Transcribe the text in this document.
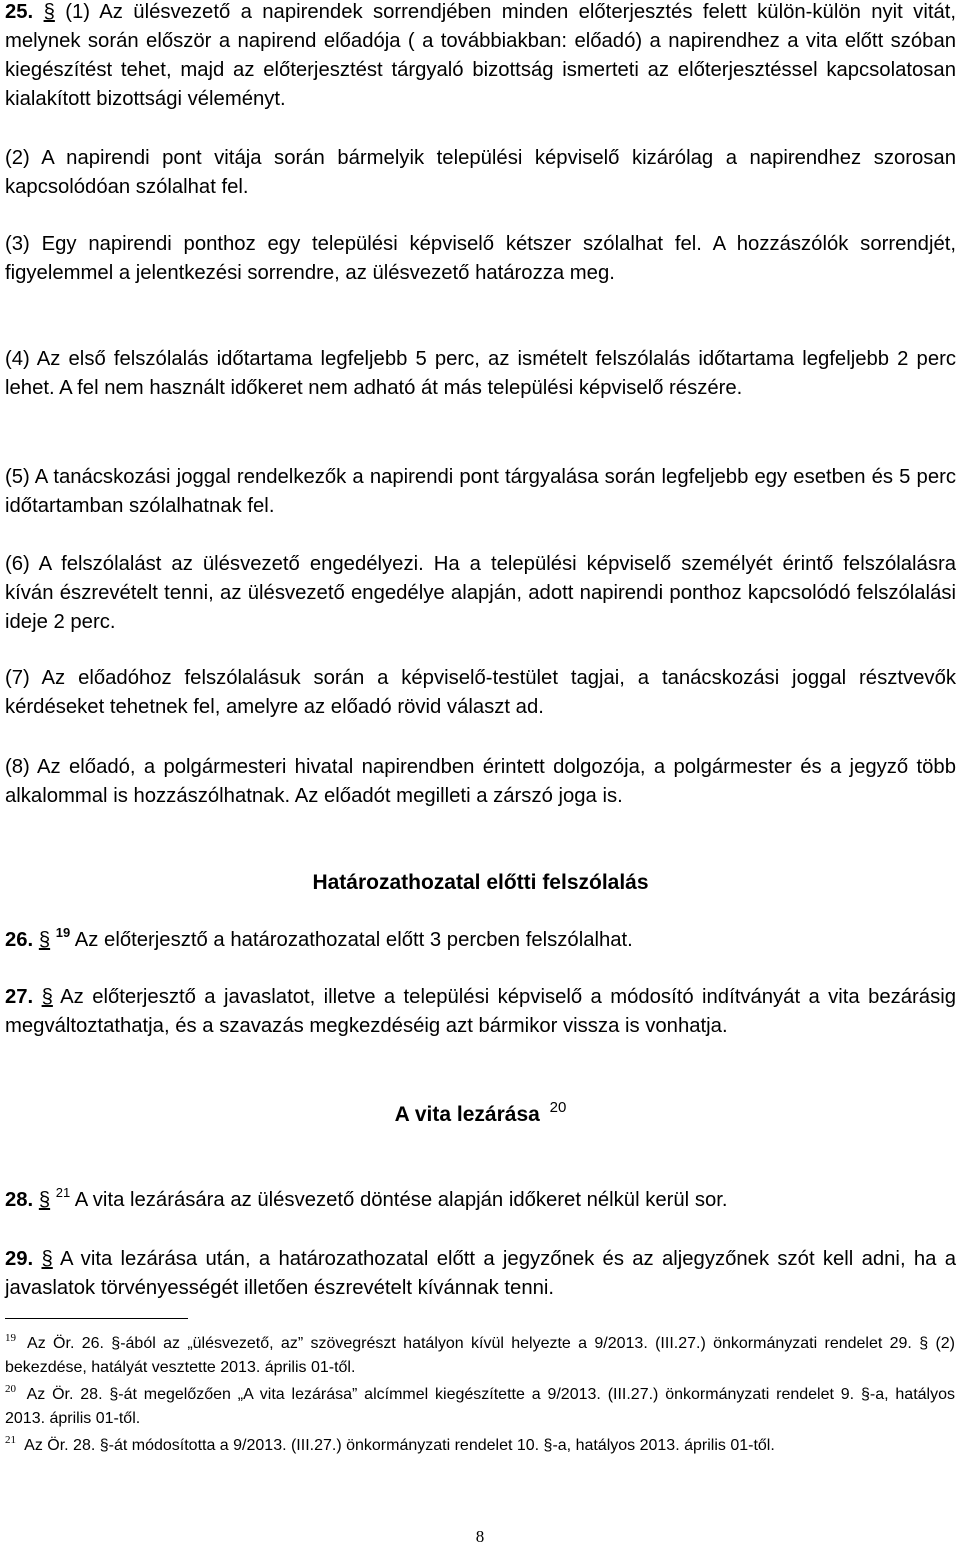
25. § (1) Az ülésvezető a napirendek sorrendjében minden előterjesztés felett külön-külön nyit vitát, melynek során először a napirend előadója ( a továbbiakban: előadó) a napirendhez a vita előtt szóban kiegészítést tehet, majd az előterjesztést tárgyaló bizottság ismerteti az előterjesztéssel kapcsolatosan kialakított bizottsági véleményt.

(2) A napirendi pont vitája során bármelyik települési képviselő kizárólag a napirendhez szorosan kapcsolódóan szólalhat fel.

(3) Egy napirendi ponthoz egy települési képviselő kétszer szólalhat fel. A hozzászólók sorrendjét, figyelemmel a jelentkezési sorrendre, az ülésvezető határozza meg.

(4) Az első felszólalás időtartama legfeljebb 5 perc, az ismételt felszólalás időtartama legfeljebb 2 perc lehet. A fel nem használt időkeret nem adható át más települési képviselő részére.

(5) A tanácskozási joggal rendelkezők a napirendi pont tárgyalása során legfeljebb egy esetben és 5 perc időtartamban szólalhatnak fel.

(6) A felszólalást az ülésvezető engedélyezi. Ha a települési képviselő személyét érintő felszólalásra kíván észrevételt tenni, az ülésvezető engedélye alapján, adott napirendi ponthoz kapcsolódó felszólalási ideje 2 perc.

(7) Az előadóhoz felszólalásuk során a képviselő-testület tagjai, a tanácskozási joggal résztvevők kérdéseket tehetnek fel, amelyre az előadó rövid választ ad.

(8) Az előadó, a polgármesteri hivatal napirendben érintett dolgozója, a polgármester és a jegyző több alkalommal is hozzászólhatnak. Az előadót megilleti a zárszó joga is.

Határozathozatal előtti felszólalás

26. § $^{19}$ Az előterjesztő a határozathozatal előtt 3 percben felszólalhat.

27. § Az előterjesztő a javaslatot, illetve a települési képviselő a módosító indítványát a vita bezárásig megváltoztathatja, és a szavazás megkezdéséig azt bármikor vissza is vonhatja.

A vita lezárása $^{20}$

28. § $^{21}$ A vita lezárására az ülésvezető döntése alapján időkeret nélkül kerül sor.

29. § A vita lezárása után, a határozathozatal előtt a jegyzőnek és az aljegyzőnek szót kell adni, ha a javaslatok törvényességét illetően észrevételt kívánnak tenni.

$^{19}$ Az Ör. 26. §-ából az „ülésvezető, az” szövegrészt hatályon kívül helyezte a 9/2013. (III.27.) önkormányzati rendelet 29. § (2) bekezdése, hatályát vesztette 2013. április 01-től.

$^{20}$ Az Ör. 28. §-át megelőzően „A vita lezárása” alcímmel kiegészítette a 9/2013. (III.27.) önkormányzati rendelet 9. §-a, hatályos 2013. április 01-től.

$^{21}$ Az Ör. 28. §-át módosította a 9/2013. (III.27.) önkormányzati rendelet 10. §-a, hatályos 2013. április 01-től.

8
